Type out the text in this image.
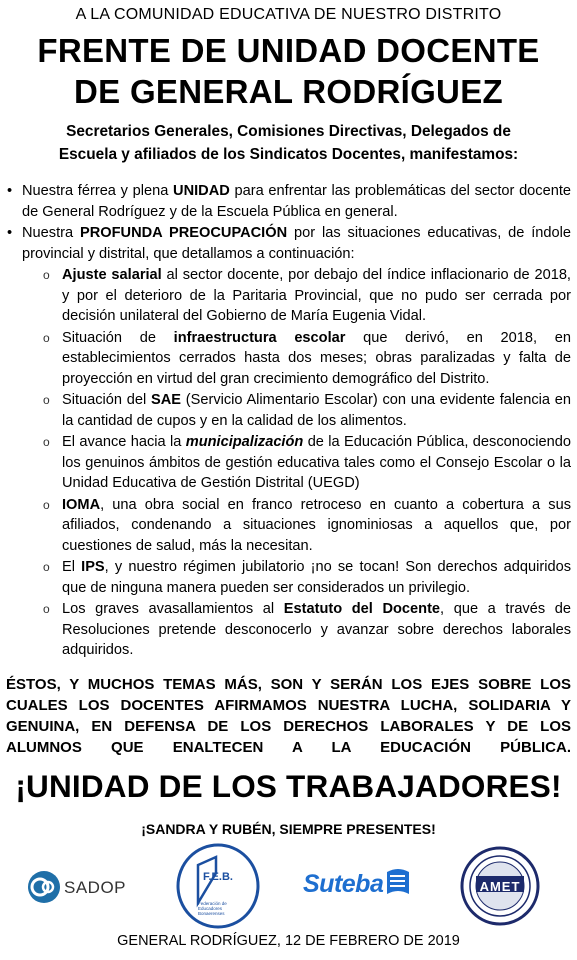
A LA COMUNIDAD EDUCATIVA DE NUESTRO DISTRITO
FRENTE DE UNIDAD DOCENTE
DE GENERAL RODRÍGUEZ
Secretarios Generales, Comisiones Directivas, Delegados de
Escuela y afiliados de los Sindicatos Docentes, manifestamos:
• Nuestra férrea y plena UNIDAD para enfrentar las problemáticas del sector docente de General Rodríguez y de la Escuela Pública en general.
• Nuestra PROFUNDA PREOCUPACIÓN por las situaciones educativas, de índole provincial y distrital, que detallamos a continuación:
o Ajuste salarial al sector docente, por debajo del índice inflacionario de 2018, y por el deterioro de la Paritaria Provincial, que no pudo ser cerrada por decisión unilateral del Gobierno de María Eugenia Vidal.
o Situación de infraestructura escolar que derivó, en 2018, en establecimientos cerrados hasta dos meses; obras paralizadas y falta de proyección en virtud del gran crecimiento demográfico del Distrito.
o Situación del SAE (Servicio Alimentario Escolar) con una evidente falencia en la cantidad de cupos y en la calidad de los alimentos.
o El avance hacia la municipalización de la Educación Pública, desconociendo los genuinos ámbitos de gestión educativa tales como el Consejo Escolar o la Unidad Educativa de Gestión Distrital (UEGD)
o IOMA, una obra social en franco retroceso en cuanto a cobertura a sus afiliados, condenando a situaciones ignominiosas a aquellos que, por cuestiones de salud, más la necesitan.
o El IPS, y nuestro régimen jubilatorio ¡no se tocan! Son derechos adquiridos que de ninguna manera pueden ser considerados un privilegio.
o Los graves avasallamientos al Estatuto del Docente, que a través de Resoluciones pretende desconocerlo y avanzar sobre derechos laborales adquiridos.
ÉSTOS, Y MUCHOS TEMAS MÁS, SON Y SERÁN LOS EJES SOBRE LOS
CUALES LOS DOCENTES AFIRMAMOS NUESTRA LUCHA, SOLIDARIA Y
GENUINA, EN DEFENSA DE LOS DERECHOS LABORALES Y DE LOS
ALUMNOS QUE ENALTECEN A LA EDUCACIÓN PÚBLICA.
¡UNIDAD DE LOS TRABAJADORES!
¡SANDRA Y RUBÉN, SIEMPRE PRESENTES!
SADOP
F.E.B.
Federación de Educadores Bonaerenses
Suteba	AMET
GENERAL RODRÍGUEZ, 12 DE FEBRERO DE 2019
